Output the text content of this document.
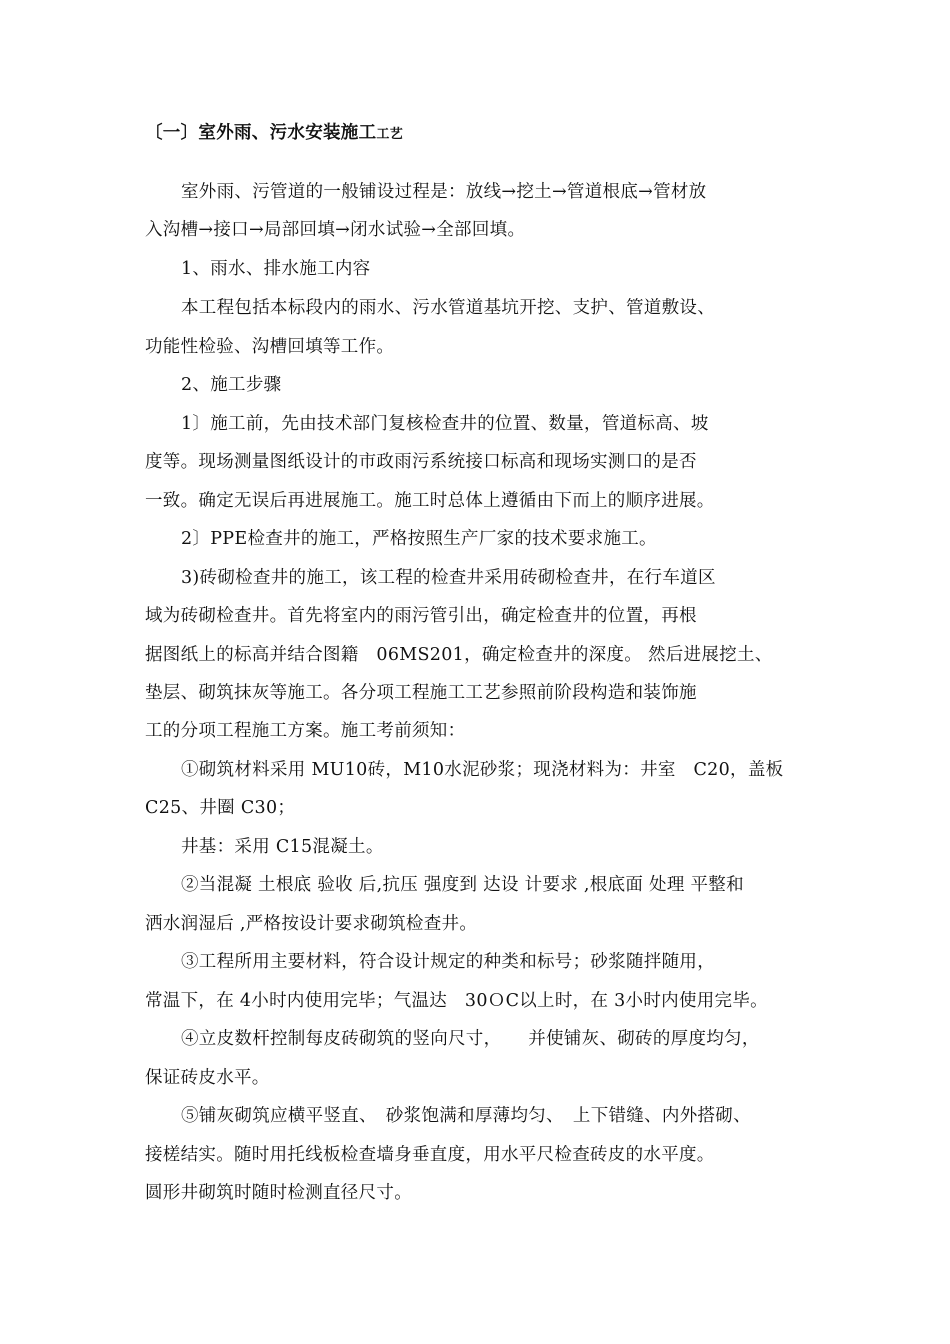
〔一〕室外雨、污水安装施工工艺
室外雨、污管道的一般铺设过程是：放线→挖土→管道根底→管材放
入沟槽→接口→局部回填→闭水试验→全部回填。
1、雨水、排水施工内容
本工程包括本标段内的雨水、污水管道基坑开挖、支护、管道敷设、
功能性检验、沟槽回填等工作。
2、施工步骤
1〕施工前，先由技术部门复核检查井的位置、数量，管道标高、坡
度等。现场测量图纸设计的市政雨污系统接口标高和现场实测口的是否
一致。确定无误后再进展施工。施工时总体上遵循由下而上的顺序进展。
2〕PPE检查井的施工，严格按照生产厂家的技术要求施工。
3)砖砌检查井的施工，该工程的检查井采用砖砌检查井，在行车道区
域为砖砌检查井。首先将室内的雨污管引出，确定检查井的位置，再根
据图纸上的标高并结合图籍　06MS201，确定检查井的深度。 然后进展挖土、
垫层、砌筑抹灰等施工。各分项工程施工工艺参照前阶段构造和装饰施
工的分项工程施工方案。施工考前须知：
①砌筑材料采用 MU10砖，M10水泥砂浆；现浇材料为：井室　C20，盖板
C25、井圈 C30；
井基：采用 C15混凝土。
②当混凝 土根底 验收 后,抗压 强度到 达设 计要求 ,根底面 处理 平整和
洒水润湿后 ,严格按设计要求砌筑检查井。
③工程所用主要材料，符合设计规定的种类和标号；砂浆随拌随用，
常温下，在 4小时内使用完毕；气温达　30ＯC以上时，在 3小时内使用完毕。
④立皮数杆控制每皮砖砌筑的竖向尺寸，　　并使铺灰、砌砖的厚度均匀，
保证砖皮水平。
⑤铺灰砌筑应横平竖直、　砂浆饱满和厚薄均匀、　上下错缝、内外搭砌、
接槎结实。随时用托线板检查墙身垂直度，用水平尺检查砖皮的水平度。
圆形井砌筑时随时检测直径尺寸。
